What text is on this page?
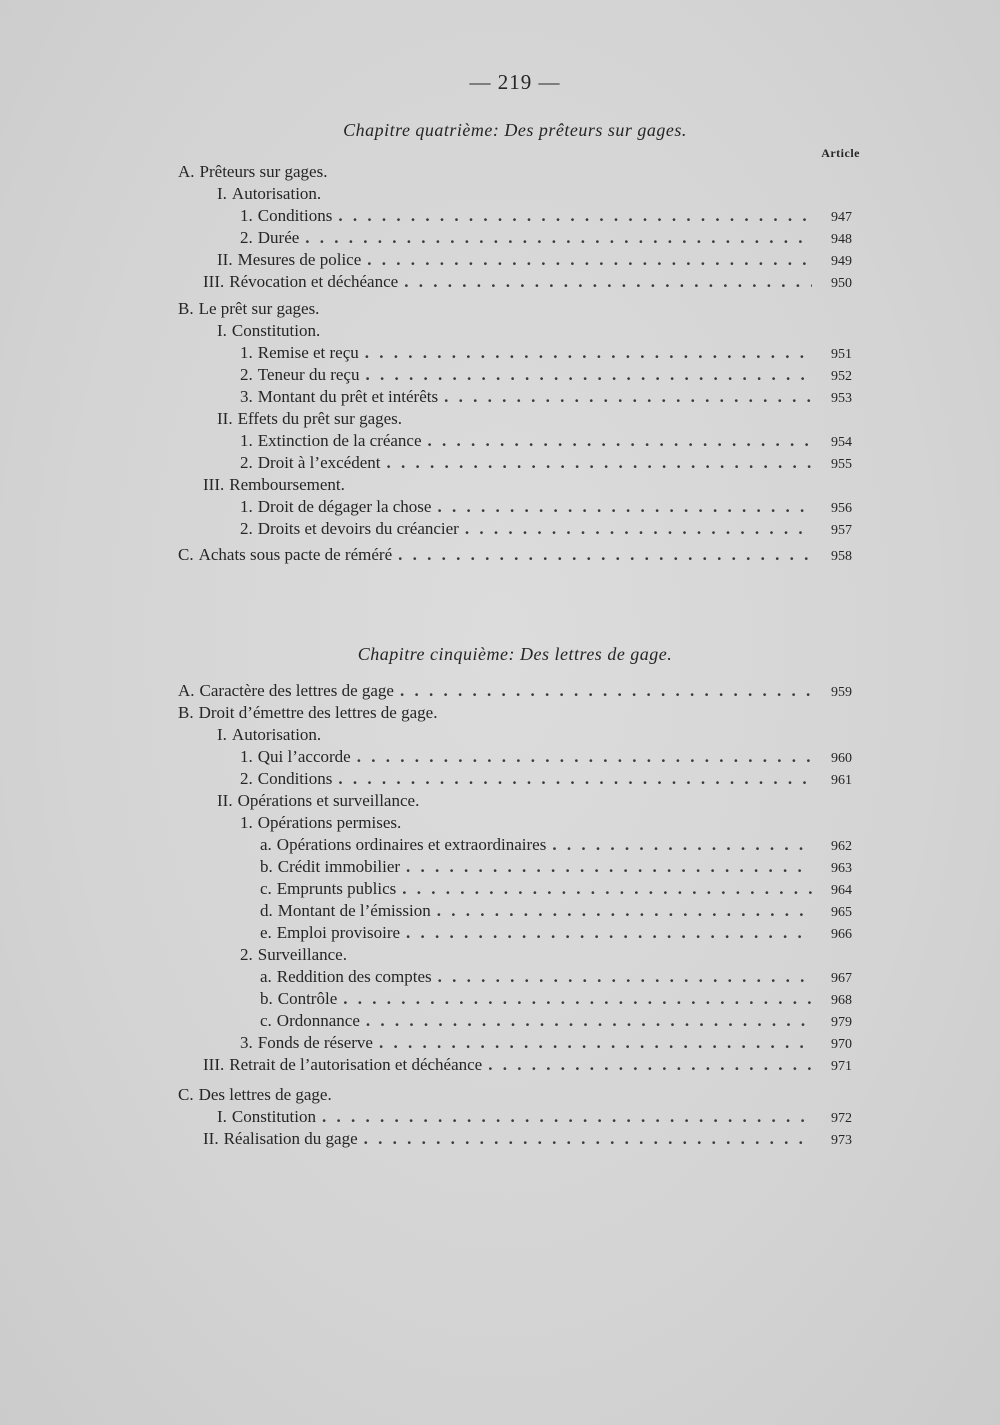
— 219 —
Chapitre quatrième: Des prêteurs sur gages.
Article
Chapitre cinquième: Des lettres de gage.
A. Prêteurs sur gages.
I. Autorisation.
1. Conditions . . .	947
2. Durée . . .	948
II. Mesures de police . . .	949
III. Révocation et déchéance . . .	950
B. Le prêt sur gages.
I. Constitution.
1. Remise et reçu . . .	951
2. Teneur du reçu . . .	952
3. Montant du prêt et intérêts . . .	953
II. Effets du prêt sur gages.
1. Extinction de la créance . . .	954
2. Droit à l’excédent . . .	955
III. Remboursement.
1. Droit de dégager la chose . . .	956
2. Droits et devoirs du créancier . . .	957
C. Achats sous pacte de réméré . . .	958
A. Caractère des lettres de gage . . .	959
B. Droit d’émettre des lettres de gage.
I. Autorisation.
1. Qui l’accorde . . .	960
2. Conditions . . .	961
II. Opérations et surveillance.
1. Opérations permises.
a. Opérations ordinaires et extraordinaires . . .	962
b. Crédit immobilier . . .	963
c. Emprunts publics . . .	964
d. Montant de l’émission . . .	965
e. Emploi provisoire . . .	966
2. Surveillance.
a. Reddition des comptes . . .	967
b. Contrôle . . .	968
c. Ordonnance . . .	979
3. Fonds de réserve . . .	970
III. Retrait de l’autorisation et déchéance . . .	971
C. Des lettres de gage.
I. Constitution . . .	972
II. Réalisation du gage . . .	973
